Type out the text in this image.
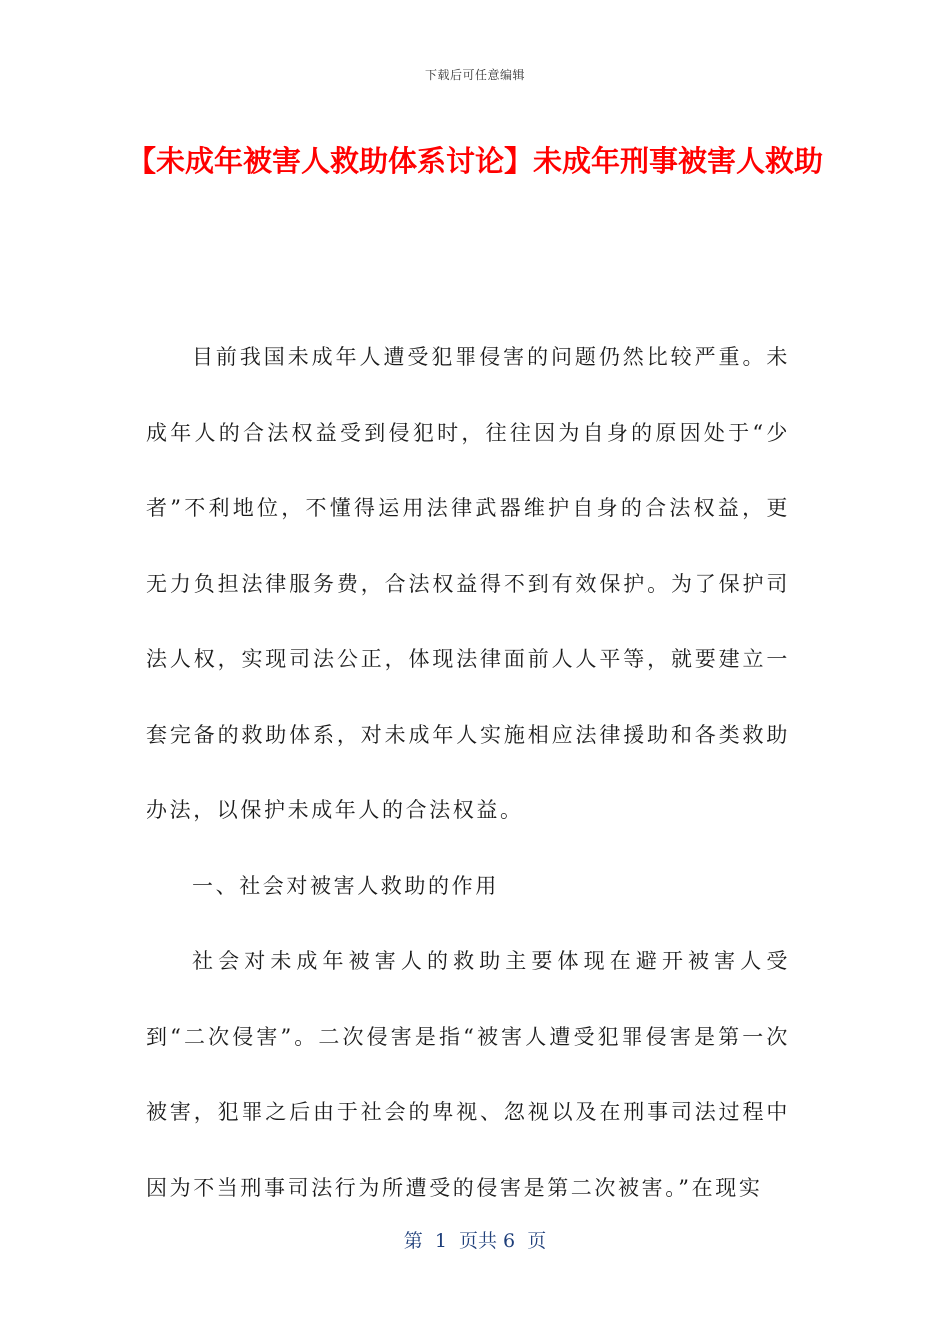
下载后可任意编辑
【未成年被害人救助体系讨论】未成年刑事被害人救助

目前我国未成年人遭受犯罪侵害的问题仍然比较严重。未成年人的合法权益受到侵犯时，往往因为自身的原因处于“少者”不利地位，不懂得运用法律武器维护自身的合法权益，更无力负担法律服务费，合法权益得不到有效保护。为了保护司法人权，实现司法公正，体现法律面前人人平等，就要建立一套完备的救助体系，对未成年人实施相应法律援助和各类救助办法，以保护未成年人的合法权益。

一、社会对被害人救助的作用

社会对未成年被害人的救助主要体现在避开被害人受到“二次侵害”。二次侵害是指“被害人遭受犯罪侵害是第一次被害，犯罪之后由于社会的卑视、忽视以及在刑事司法过程中因为不当刑事司法行为所遭受的侵害是第二次被害。”在现实

第  1  页共 6  页
